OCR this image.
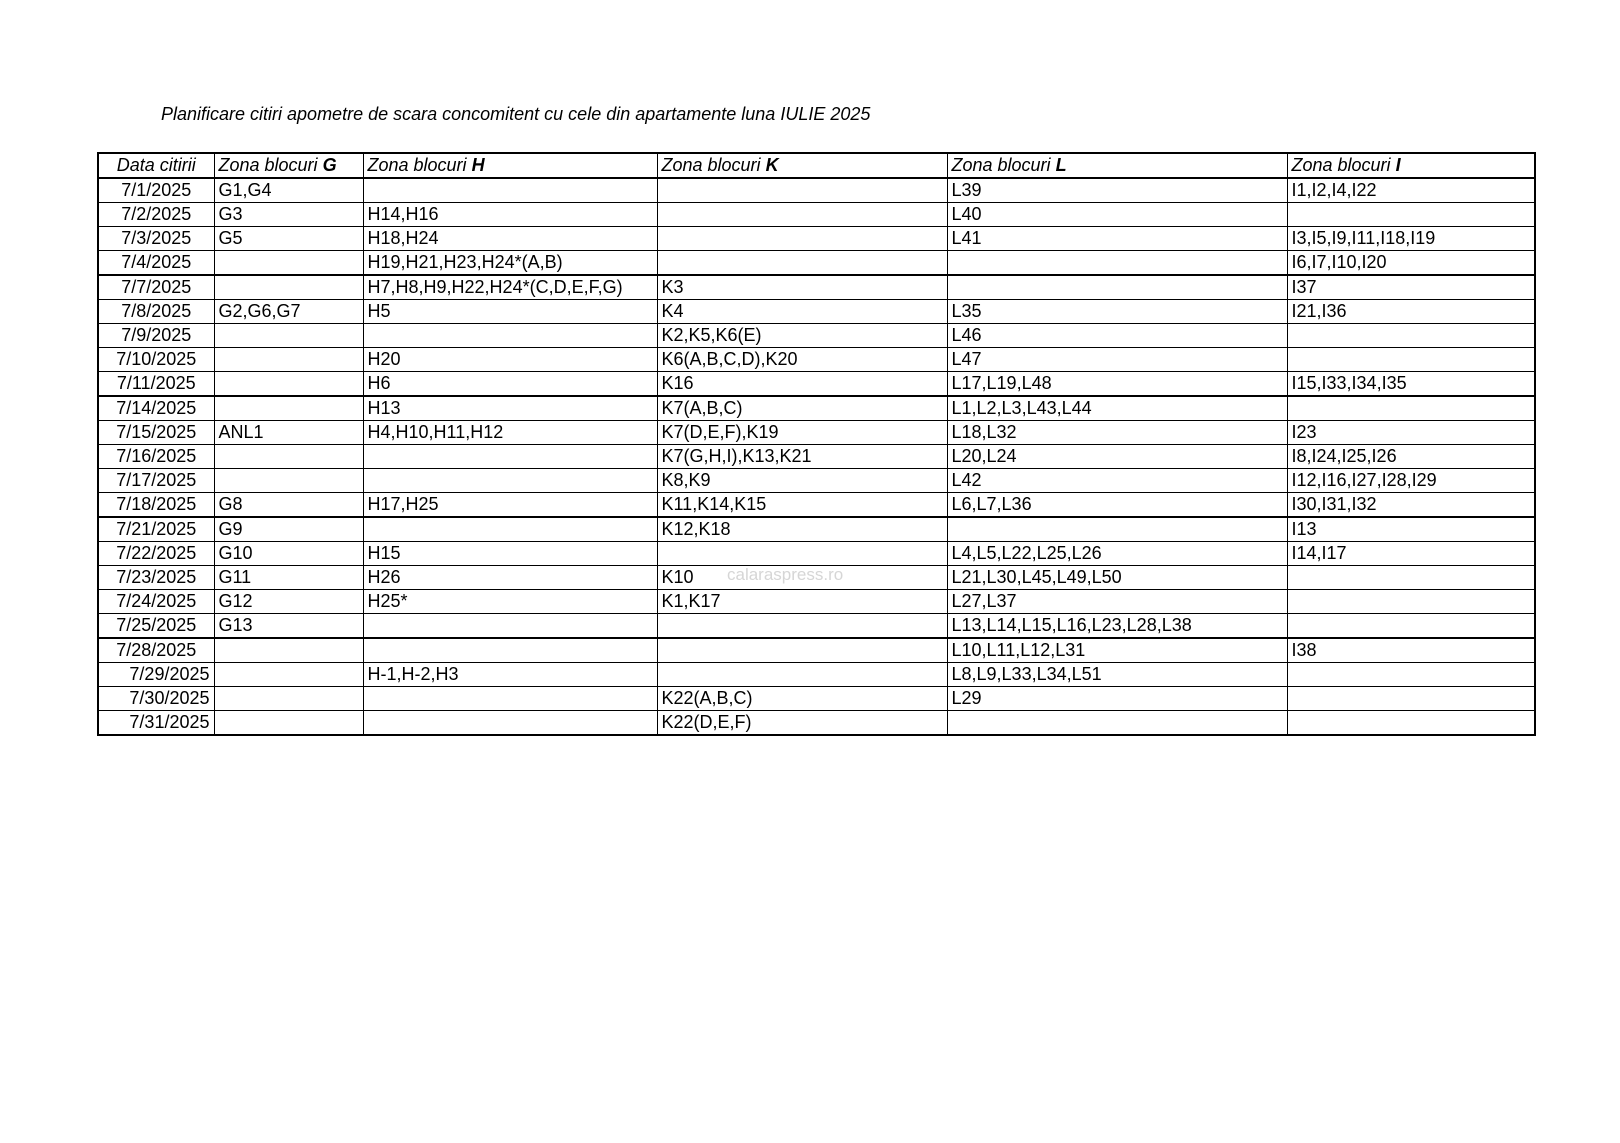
Planificare citiri apometre de scara concomitent cu cele din apartamente luna IULIE 2025
calaraspress.ro
Data citirii	Zona blocuri G	Zona blocuri H	Zona blocuri K	Zona blocuri L	Zona blocuri I
7/1/2025	G1,G4			L39	I1,I2,I4,I22
7/2/2025	G3	H14,H16		L40	
7/3/2025	G5	H18,H24		L41	I3,I5,I9,I11,I18,I19
7/4/2025		H19,H21,H23,H24*(A,B)			I6,I7,I10,I20
7/7/2025		H7,H8,H9,H22,H24*(C,D,E,F,G)	K3		I37
7/8/2025	G2,G6,G7	H5	K4	L35	I21,I36
7/9/2025			K2,K5,K6(E)	L46	
7/10/2025		H20	K6(A,B,C,D),K20	L47	
7/11/2025		H6	K16	L17,L19,L48	I15,I33,I34,I35
7/14/2025		H13	K7(A,B,C)	L1,L2,L3,L43,L44	
7/15/2025	ANL1	H4,H10,H11,H12	K7(D,E,F),K19	L18,L32	I23
7/16/2025			K7(G,H,I),K13,K21	L20,L24	I8,I24,I25,I26
7/17/2025			K8,K9	L42	I12,I16,I27,I28,I29
7/18/2025	G8	H17,H25	K11,K14,K15	L6,L7,L36	I30,I31,I32
7/21/2025	G9		K12,K18		I13
7/22/2025	G10	H15		L4,L5,L22,L25,L26	I14,I17
7/23/2025	G11	H26	K10	L21,L30,L45,L49,L50	
7/24/2025	G12	H25*	K1,K17	L27,L37	
7/25/2025	G13			L13,L14,L15,L16,L23,L28,L38	
7/28/2025				L10,L11,L12,L31	I38
7/29/2025		H-1,H-2,H3		L8,L9,L33,L34,L51	
7/30/2025			K22(A,B,C)	L29	
7/31/2025			K22(D,E,F)		
